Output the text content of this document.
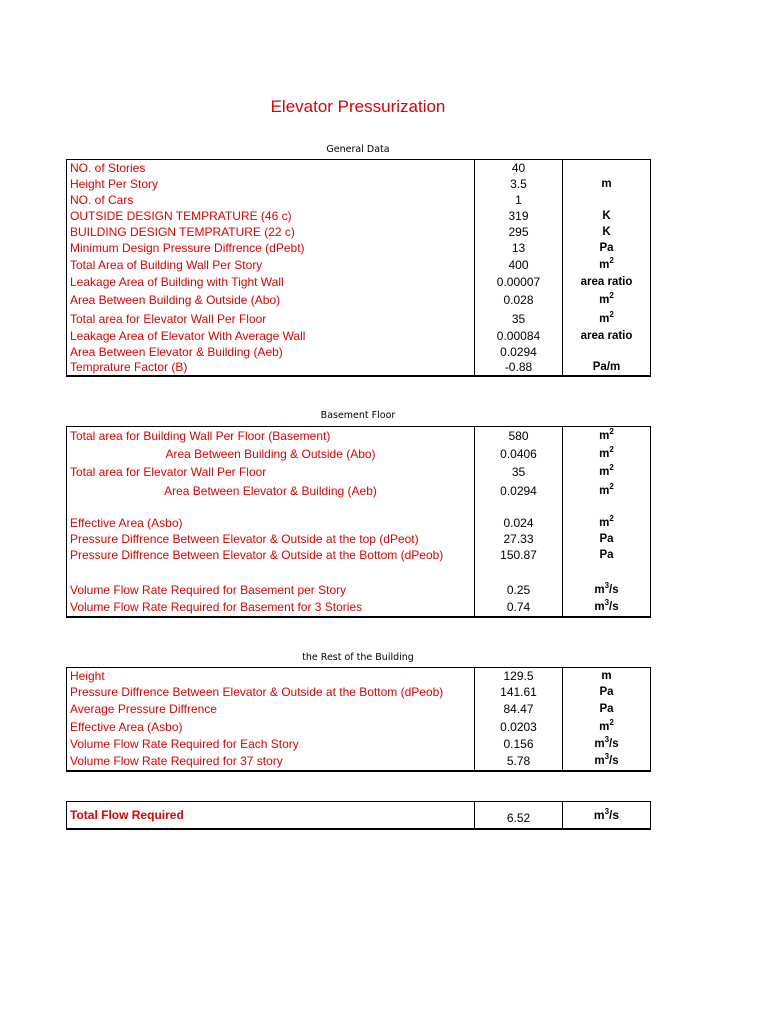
Elevator Pressurization
General Data
NO. of Stories	40	
Height Per Story	3.5	m
NO. of Cars	1	
OUTSIDE DESIGN TEMPRATURE (46 c)	319	K
BUILDING DESIGN TEMPRATURE (22 c)	295	K
Minimum Design Pressure Diffrence (dPebt)	13	Pa
Total Area of Building Wall Per Story	400	$m^2$
Leakage Area of Building with Tight Wall	0.00007	area ratio
Area Between Building & Outside (Abo)	0.028	$m^2$
Total area for Elevator Wall Per Floor	35	$m^2$
Leakage Area of Elevator With Average Wall	0.00084	area ratio
Area Between Elevator & Building (Aeb)	0.0294	
Temprature Factor (B)	-0.88	Pa/m
Basement Floor
Total area for Building Wall Per Floor (Basement)	580	$m^2$
Area Between Building & Outside (Abo)	0.0406	$m^2$
Total area for Elevator Wall Per Floor	35	$m^2$
Area Between Elevator & Building (Aeb)	0.0294	$m^2$

Effective Area (Asbo)	0.024	$m^2$
Pressure Diffrence Between Elevator & Outside at the top (dPeot)	27.33	Pa
Pressure Diffrence Between Elevator & Outside at the Bottom (dPeob)	150.87	Pa

Volume Flow Rate Required for Basement per Story	0.25	$m^3/s$
Volume Flow Rate Required for Basement for 3 Stories	0.74	$m^3/s$
the Rest of the Building
Height	129.5	m
Pressure Diffrence Between Elevator & Outside at the Bottom (dPeob)	141.61	Pa
Average Pressure Diffrence	84.47	Pa
Effective Area (Asbo)	0.0203	$m^2$
Volume Flow Rate Required for Each Story	0.156	$m^3/s$
Volume Flow Rate Required for 37 story	5.78	$m^3/s$
Total Flow Required	6.52	$m^3/s$
